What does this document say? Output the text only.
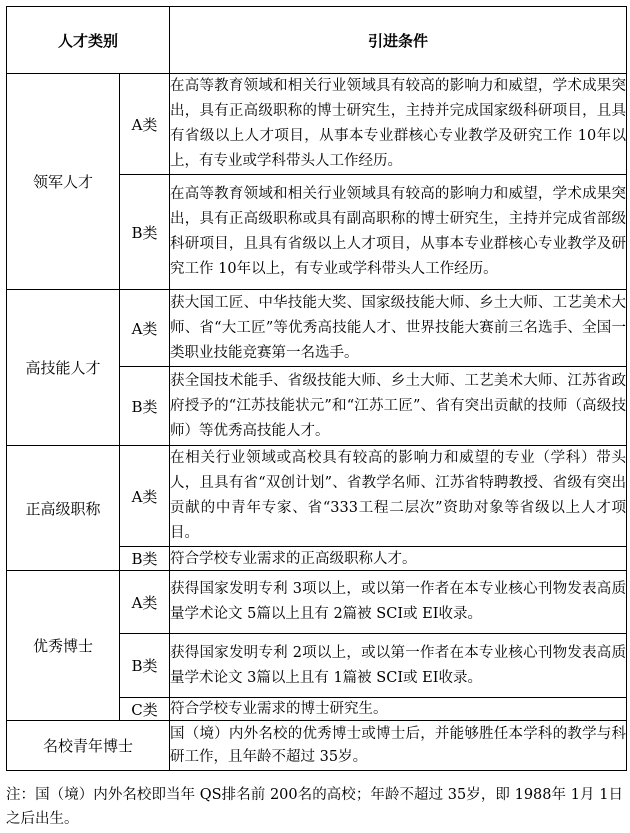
人才类别		引进条件
领军人才	A类	在高等教育领域和相关行业领域具有较高的影响力和威望，学术成果突出，具有正高级职称的博士研究生，主持并完成国家级科研项目，且具有省级以上人才项目，从事本专业群核心专业教学及研究工作 10年以上，有专业或学科带头人工作经历。
	B类	在高等教育领域和相关行业领域具有较高的影响力和威望，学术成果突出，具有正高级职称或具有副高职称的博士研究生，主持并完成省部级科研项目，且具有省级以上人才项目，从事本专业群核心专业教学及研究工作 10年以上，有专业或学科带头人工作经历。
高技能人才	A类	获大国工匠、中华技能大奖、国家级技能大师、乡土大师、工艺美术大师、省“大工匠”等优秀高技能人才、世界技能大赛前三名选手、全国一类职业技能竞赛第一名选手。
	B类	获全国技术能手、省级技能大师、乡土大师、工艺美术大师、江苏省政府授予的“江苏技能状元”和“江苏工匠”、省有突出贡献的技师（高级技师）等优秀高技能人才。
正高级职称	A类	在相关行业领域或高校具有较高的影响力和威望的专业（学科）带头人，且具有省“双创计划”、省教学名师、江苏省特聘教授、省级有突出贡献的中青年专家、省“333工程二层次”资助对象等省级以上人才项目。
	B类	符合学校专业需求的正高级职称人才。
优秀博士	A类	获得国家发明专利 3项以上，或以第一作者在本专业核心刊物发表高质量学术论文 5篇以上且有 2篇被 SCI或 EI收录。
	B类	获得国家发明专利 2项以上，或以第一作者在本专业核心刊物发表高质量学术论文 3篇以上且有 1篇被 SCI或 EI收录。
	C类	符合学校专业需求的博士研究生。
名校青年博士		国（境）内外名校的优秀博士或博士后，并能够胜任本学科的教学与科研工作，且年龄不超过 35岁。
注：国（境）内外名校即当年 QS排名前 200名的高校；年龄不超过 35岁，即 1988年 1月 1日之后出生。
